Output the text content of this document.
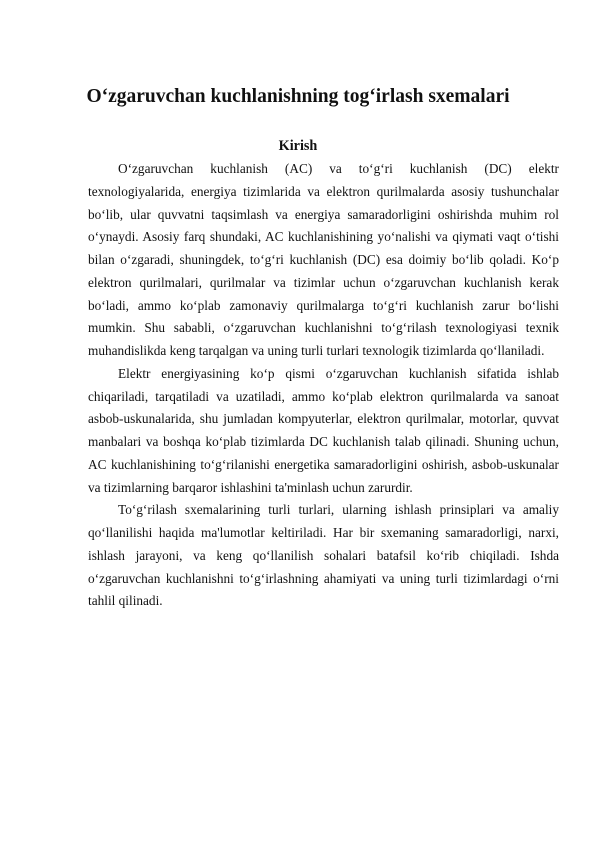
O‘zgaruvchan kuchlanishning tog‘irlash sxemalari
Kirish

O‘zgaruvchan kuchlanish (AC) va to‘g‘ri kuchlanish (DC) elektr texnologiyalarida, energiya tizimlarida va elektron qurilmalarda asosiy tushunchalar bo‘lib, ular quvvatni taqsimlash va energiya samaradorligini oshirishda muhim rol o‘ynaydi. Asosiy farq shundaki, AC kuchlanishining yo‘nalishi va qiymati vaqt o‘tishi bilan o‘zgaradi, shuningdek, to‘g‘ri kuchlanish (DC) esa doimiy bo‘lib qoladi. Ko‘p elektron qurilmalari, qurilmalar va tizimlar uchun o‘zgaruvchan kuchlanish kerak bo‘ladi, ammo ko‘plab zamonaviy qurilmalarga to‘g‘ri kuchlanish zarur bo‘lishi mumkin. Shu sababli, o‘zgaruvchan kuchlanishni to‘g‘rilash texnologiyasi texnik muhandislikda keng tarqalgan va uning turli turlari texnologik tizimlarda qo‘llaniladi.

Elektr energiyasining ko‘p qismi o‘zgaruvchan kuchlanish sifatida ishlab chiqariladi, tarqatiladi va uzatiladi, ammo ko‘plab elektron qurilmalarda va sanoat asbob-uskunalarida, shu jumladan kompyuterlar, elektron qurilmalar, motorlar, quvvat manbalari va boshqa ko‘plab tizimlarda DC kuchlanish talab qilinadi. Shuning uchun, AC kuchlanishining to‘g‘rilanishi energetika samaradorligini oshirish, asbob-uskunalar va tizimlarning barqaror ishlashini ta'minlash uchun zarurdir.

To‘g‘rilash sxemalarining turli turlari, ularning ishlash prinsiplari va amaliy qo‘llanilishi haqida ma'lumotlar keltiriladi. Har bir sxemaning samaradorligi, narxi, ishlash jarayoni, va keng qo‘llanilish sohalari batafsil ko‘rib chiqiladi. Ishda o‘zgaruvchan kuchlanishni to‘g‘irlashning ahamiyati va uning turli tizimlardagi o‘rni tahlil qilinadi.
